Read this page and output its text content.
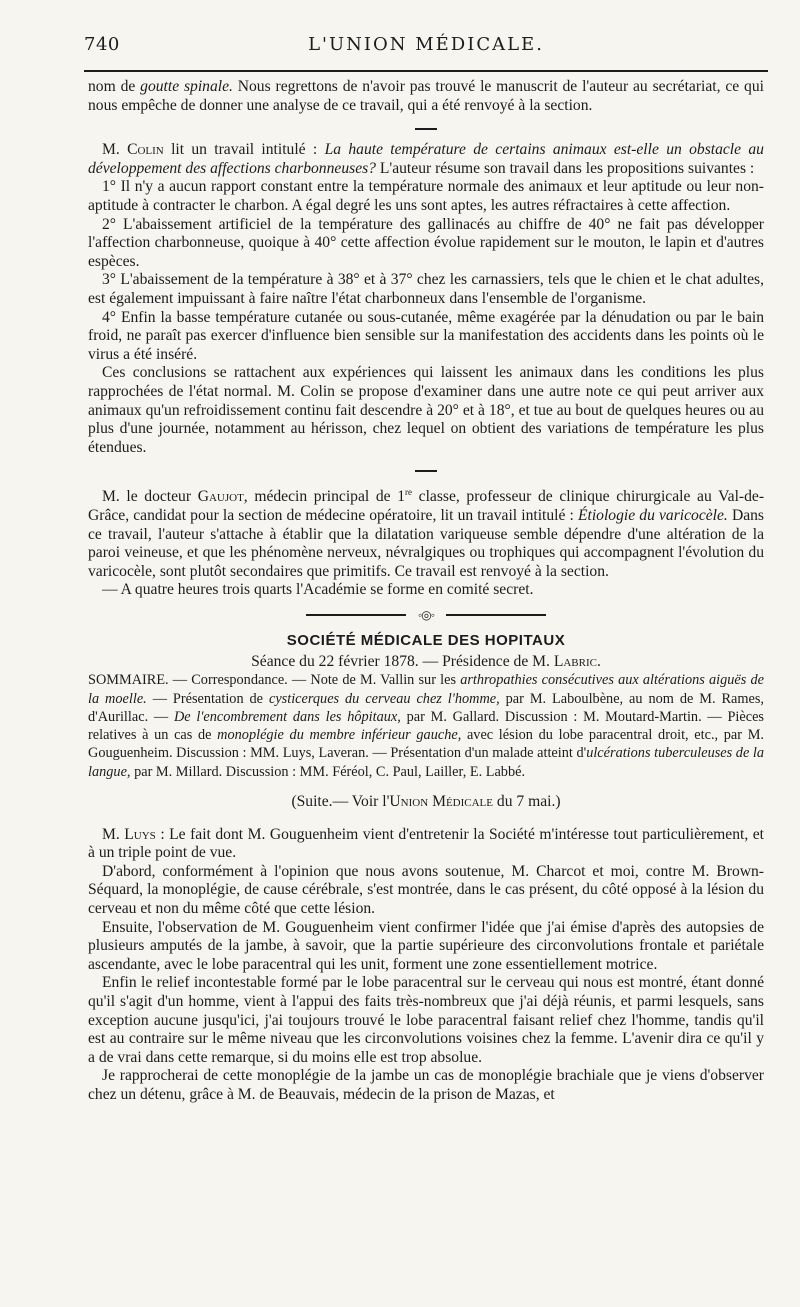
740	L'UNION MÉDICALE.

nom de goutte spinale. Nous regrettons de n'avoir pas trouvé le manuscrit de l'auteur au secrétariat, ce qui nous empêche de donner une analyse de ce travail, qui a été renvoyé à la section.

M. Colin lit un travail intitulé : La haute température de certains animaux est-elle un obstacle au développement des affections charbonneuses? L'auteur résume son travail dans les propositions suivantes :

1° Il n'y a aucun rapport constant entre la température normale des animaux et leur aptitude ou leur non-aptitude à contracter le charbon. A égal degré les uns sont aptes, les autres réfractaires à cette affection.

2° L'abaissement artificiel de la température des gallinacés au chiffre de 40° ne fait pas développer l'affection charbonneuse, quoique à 40° cette affection évolue rapidement sur le mouton, le lapin et d'autres espèces.

3° L'abaissement de la température à 38° et à 37° chez les carnassiers, tels que le chien et le chat adultes, est également impuissant à faire naître l'état charbonneux dans l'ensemble de l'organisme.

4° Enfin la basse température cutanée ou sous-cutanée, même exagérée par la dénudation ou par le bain froid, ne paraît pas exercer d'influence bien sensible sur la manifestation des accidents dans les points où le virus a été inséré.

Ces conclusions se rattachent aux expériences qui laissent les animaux dans les conditions les plus rapprochées de l'état normal. M. Colin se propose d'examiner dans une autre note ce qui peut arriver aux animaux qu'un refroidissement continu fait descendre à 20° et à 18°, et tue au bout de quelques heures ou au plus d'une journée, notamment au hérisson, chez lequel on obtient des variations de température les plus étendues.

M. le docteur Gaujot, médecin principal de 1re classe, professeur de clinique chirurgicale au Val-de-Grâce, candidat pour la section de médecine opératoire, lit un travail intitulé : Étiologie du varicocèle. Dans ce travail, l'auteur s'attache à établir que la dilatation variqueuse semble dépendre d'une altération de la paroi veineuse, et que les phénomène nerveux, névralgiques ou trophiques qui accompagnent l'évolution du varicocèle, sont plutôt secondaires que primitifs. Ce travail est renvoyé à la section.

— A quatre heures trois quarts l'Académie se forme en comité secret.

◦◎◦
SOCIÉTÉ MÉDICALE DES HOPITAUX
Séance du 22 février 1878. — Présidence de M. Labric.

SOMMAIRE. — Correspondance. — Note de M. Vallin sur les arthropathies consécutives aux altérations aiguës de la moelle. — Présentation de cysticerques du cerveau chez l'homme, par M. Laboulbène, au nom de M. Rames, d'Aurillac. — De l'encombrement dans les hôpitaux, par M. Gallard. Discussion : M. Moutard-Martin. — Pièces relatives à un cas de monoplégie du membre inférieur gauche, avec lésion du lobe paracentral droit, etc., par M. Gouguenheim. Discussion : MM. Luys, Laveran. — Présentation d'un malade atteint d'ulcérations tuberculeuses de la langue, par M. Millard. Discussion : MM. Féréol, C. Paul, Lailler, E. Labbé.

(Suite.— Voir l'Union Médicale du 7 mai.)

M. Luys : Le fait dont M. Gouguenheim vient d'entretenir la Société m'intéresse tout particulièrement, et à un triple point de vue.

D'abord, conformément à l'opinion que nous avons soutenue, M. Charcot et moi, contre M. Brown-Séquard, la monoplégie, de cause cérébrale, s'est montrée, dans le cas présent, du côté opposé à la lésion du cerveau et non du même côté que cette lésion.

Ensuite, l'observation de M. Gouguenheim vient confirmer l'idée que j'ai émise d'après des autopsies de plusieurs amputés de la jambe, à savoir, que la partie supérieure des circonvolutions frontale et pariétale ascendante, avec le lobe paracentral qui les unit, forment une zone essentiellement motrice.

Enfin le relief incontestable formé par le lobe paracentral sur le cerveau qui nous est montré, étant donné qu'il s'agit d'un homme, vient à l'appui des faits très-nombreux que j'ai déjà réunis, et parmi lesquels, sans exception aucune jusqu'ici, j'ai toujours trouvé le lobe paracentral faisant relief chez l'homme, tandis qu'il est au contraire sur le même niveau que les circonvolutions voisines chez la femme. L'avenir dira ce qu'il y a de vrai dans cette remarque, si du moins elle est trop absolue.

Je rapprocherai de cette monoplégie de la jambe un cas de monoplégie brachiale que je viens d'observer chez un détenu, grâce à M. de Beauvais, médecin de la prison de Mazas, et
